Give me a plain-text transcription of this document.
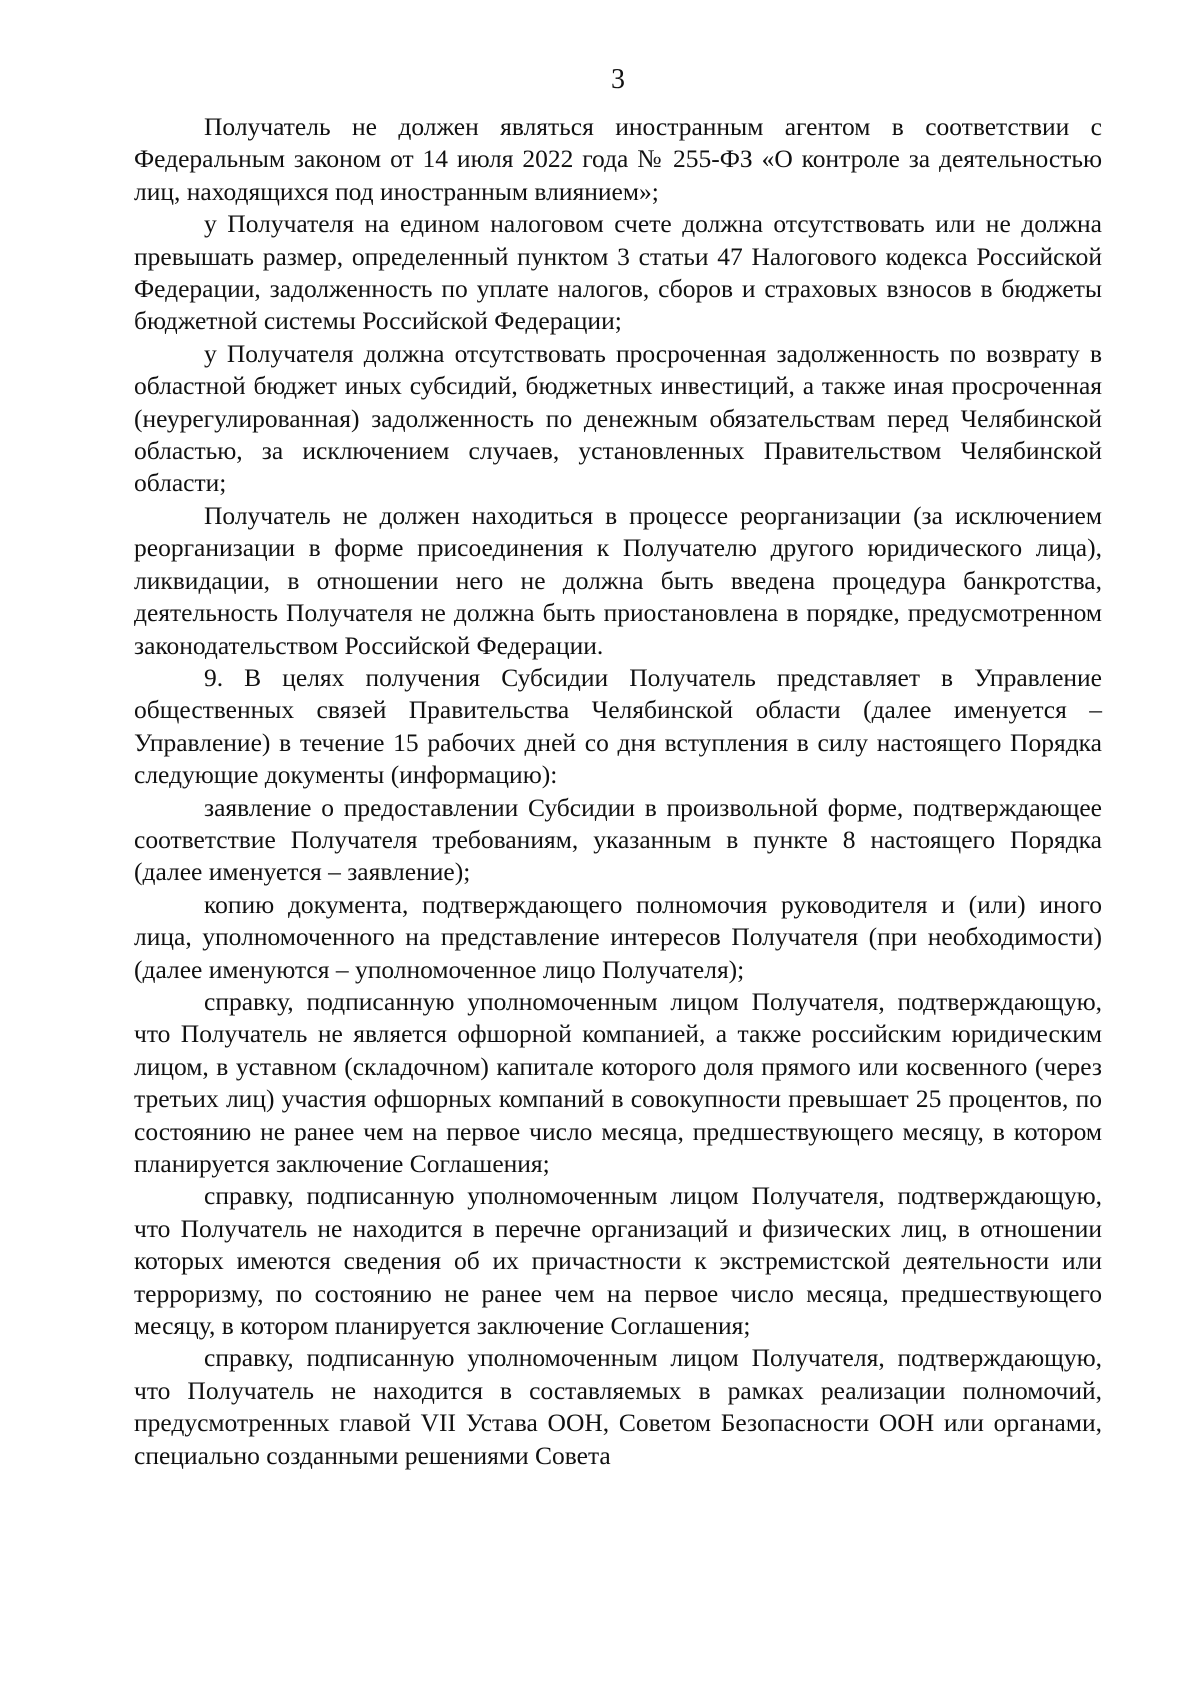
3

Получатель не должен являться иностранным агентом в соответствии с Федеральным законом от 14 июля 2022 года № 255-ФЗ «О контроле за деятельностью лиц, находящихся под иностранным влиянием»;

у Получателя на едином налоговом счете должна отсутствовать или не должна превышать размер, определенный пунктом 3 статьи 47 Налогового кодекса Российской Федерации, задолженность по уплате налогов, сборов и страховых взносов в бюджеты бюджетной системы Российской Федерации;

у Получателя должна отсутствовать просроченная задолженность по возврату в областной бюджет иных субсидий, бюджетных инвестиций, а также иная просроченная (неурегулированная) задолженность по денежным обязательствам перед Челябинской областью, за исключением случаев, установленных Правительством Челябинской области;

Получатель не должен находиться в процессе реорганизации (за исключением реорганизации в форме присоединения к Получателю другого юридического лица), ликвидации, в отношении него не должна быть введена процедура банкротства, деятельность Получателя не должна быть приостановлена в порядке, предусмотренном законодательством Российской Федерации.

9. В целях получения Субсидии Получатель представляет в Управление общественных связей Правительства Челябинской области (далее именуется – Управление) в течение 15 рабочих дней со дня вступления в силу настоящего Порядка следующие документы (информацию):

заявление о предоставлении Субсидии в произвольной форме, подтверждающее соответствие Получателя требованиям, указанным в пункте 8 настоящего Порядка (далее именуется – заявление);

копию документа, подтверждающего полномочия руководителя и (или) иного лица, уполномоченного на представление интересов Получателя (при необходимости) (далее именуются – уполномоченное лицо Получателя);

справку, подписанную уполномоченным лицом Получателя, подтверждающую, что Получатель не является офшорной компанией, а также российским юридическим лицом, в уставном (складочном) капитале которого доля прямого или косвенного (через третьих лиц) участия офшорных компаний в совокупности превышает 25 процентов, по состоянию не ранее чем на первое число месяца, предшествующего месяцу, в котором планируется заключение Соглашения;

справку, подписанную уполномоченным лицом Получателя, подтверждающую, что Получатель не находится в перечне организаций и физических лиц, в отношении которых имеются сведения об их причастности к экстремистской деятельности или терроризму, по состоянию не ранее чем на первое число месяца, предшествующего месяцу, в котором планируется заключение Соглашения;

справку, подписанную уполномоченным лицом Получателя, подтверждающую, что Получатель не находится в составляемых в рамках реализации полномочий, предусмотренных главой VII Устава ООН, Советом Безопасности ООН или органами, специально созданными решениями Совета
